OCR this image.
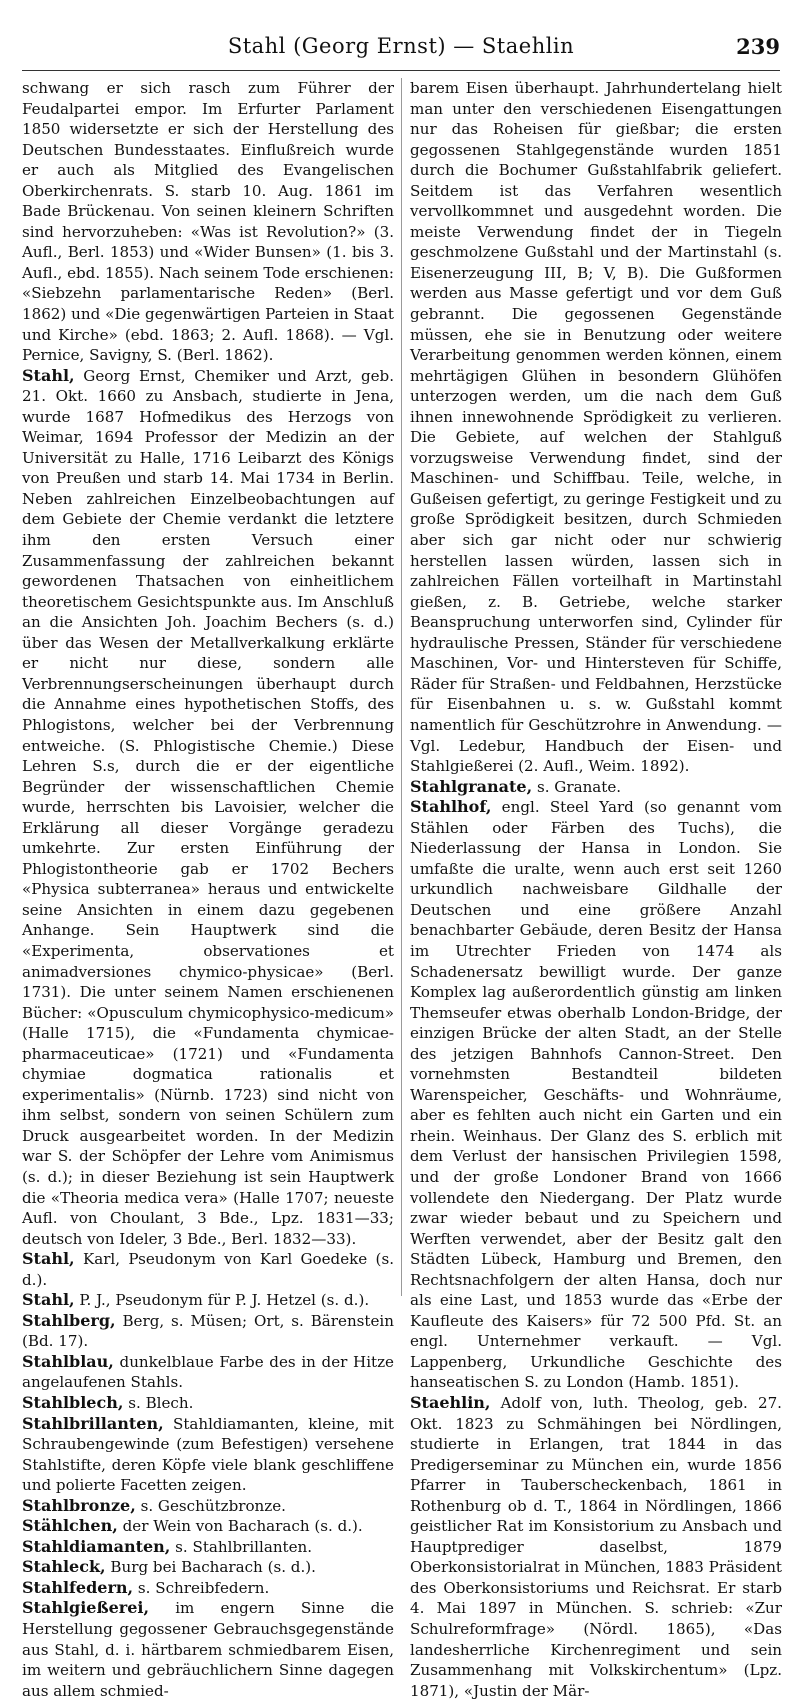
Stahl (Georg Ernst) — Staehlin	239

schwang er sich rasch zum Führer der Feudalpartei empor. Im Erfurter Parlament 1850 widersetzte er sich der Herstellung des Deutschen Bundesstaates. Einflußreich wurde er auch als Mitglied des Evangelischen Oberkirchenrats. S. starb 10. Aug. 1861 im Bade Brückenau. Von seinen kleinern Schriften sind hervorzuheben: «Was ist Revolution?» (3. Aufl., Berl. 1853) und «Wider Bunsen» (1. bis 3. Aufl., ebd. 1855). Nach seinem Tode erschienen: «Siebzehn parlamentarische Reden» (Berl. 1862) und «Die gegenwärtigen Parteien in Staat und Kirche» (ebd. 1863; 2. Aufl. 1868). — Vgl. Pernice, Savigny, S. (Berl. 1862).

Stahl, Georg Ernst, Chemiker und Arzt, geb. 21. Okt. 1660 zu Ansbach, studierte in Jena, wurde 1687 Hofmedikus des Herzogs von Weimar, 1694 Professor der Medizin an der Universität zu Halle, 1716 Leibarzt des Königs von Preußen und starb 14. Mai 1734 in Berlin. Neben zahlreichen Einzelbeobachtungen auf dem Gebiete der Chemie verdankt die letztere ihm den ersten Versuch einer Zusammenfassung der zahlreichen bekannt gewordenen Thatsachen von einheitlichem theoretischem Gesichtspunkte aus. Im Anschluß an die Ansichten Joh. Joachim Bechers (s. d.) über das Wesen der Metallverkalkung erklärte er nicht nur diese, sondern alle Verbrennungserscheinungen überhaupt durch die Annahme eines hypothetischen Stoffs, des Phlogistons, welcher bei der Verbrennung entweiche. (S. Phlogistische Chemie.) Diese Lehren S.s, durch die er der eigentliche Begründer der wissenschaftlichen Chemie wurde, herrschten bis Lavoisier, welcher die Erklärung all dieser Vorgänge geradezu umkehrte. Zur ersten Einführung der Phlogistontheorie gab er 1702 Bechers «Physica subterranea» heraus und entwickelte seine Ansichten in einem dazu gegebenen Anhange. Sein Hauptwerk sind die «Experimenta, observationes et animadversiones chymico-physicae» (Berl. 1731). Die unter seinem Namen erschienenen Bücher: «Opusculum chymicophysico-medicum» (Halle 1715), die «Fundamenta chymicae-pharmaceuticae» (1721) und «Fundamenta chymiae dogmatica rationalis et experimentalis» (Nürnb. 1723) sind nicht von ihm selbst, sondern von seinen Schülern zum Druck ausgearbeitet worden. In der Medizin war S. der Schöpfer der Lehre vom Animismus (s. d.); in dieser Beziehung ist sein Hauptwerk die «Theoria medica vera» (Halle 1707; neueste Aufl. von Choulant, 3 Bde., Lpz. 1831—33; deutsch von Ideler, 3 Bde., Berl. 1832—33).

Stahl, Karl, Pseudonym von Karl Goedeke (s. d.).

Stahl, P. J., Pseudonym für P. J. Hetzel (s. d.).

Stahlberg, Berg, s. Müsen; Ort, s. Bärenstein (Bd. 17).

Stahlblau, dunkelblaue Farbe des in der Hitze angelaufenen Stahls.

Stahlblech, s. Blech.

Stahlbrillanten, Stahldiamanten, kleine, mit Schraubengewinde (zum Befestigen) versehene Stahlstifte, deren Köpfe viele blank geschliffene und polierte Facetten zeigen.

Stahlbronze, s. Geschützbronze.

Stählchen, der Wein von Bacharach (s. d.).

Stahldiamanten, s. Stahlbrillanten.

Stahleck, Burg bei Bacharach (s. d.).

Stahlfedern, s. Schreibfedern.

Stahlgießerei, im engern Sinne die Herstellung gegossener Gebrauchsgegenstände aus Stahl, d. i. härtbarem schmiedbarem Eisen, im weitern und gebräuchlichern Sinne dagegen aus allem schmied-

barem Eisen überhaupt. Jahrhundertelang hielt man unter den verschiedenen Eisengattungen nur das Roheisen für gießbar; die ersten gegossenen Stahlgegenstände wurden 1851 durch die Bochumer Gußstahlfabrik geliefert. Seitdem ist das Verfahren wesentlich vervollkommnet und ausgedehnt worden. Die meiste Verwendung findet der in Tiegeln geschmolzene Gußstahl und der Martinstahl (s. Eisenerzeugung III, B; V, B). Die Gußformen werden aus Masse gefertigt und vor dem Guß gebrannt. Die gegossenen Gegenstände müssen, ehe sie in Benutzung oder weitere Verarbeitung genommen werden können, einem mehrtägigen Glühen in besondern Glühöfen unterzogen werden, um die nach dem Guß ihnen innewohnende Sprödigkeit zu verlieren. Die Gebiete, auf welchen der Stahlguß vorzugsweise Verwendung findet, sind der Maschinen- und Schiffbau. Teile, welche, in Gußeisen gefertigt, zu geringe Festigkeit und zu große Sprödigkeit besitzen, durch Schmieden aber sich gar nicht oder nur schwierig herstellen lassen würden, lassen sich in zahlreichen Fällen vorteilhaft in Martinstahl gießen, z. B. Getriebe, welche starker Beanspruchung unterworfen sind, Cylinder für hydraulische Pressen, Ständer für verschiedene Maschinen, Vor- und Hintersteven für Schiffe, Räder für Straßen- und Feldbahnen, Herzstücke für Eisenbahnen u. s. w. Gußstahl kommt namentlich für Geschützrohre in Anwendung. — Vgl. Ledebur, Handbuch der Eisen- und Stahlgießerei (2. Aufl., Weim. 1892).

Stahlgranate, s. Granate.

Stahlhof, engl. Steel Yard (so genannt vom Stählen oder Färben des Tuchs), die Niederlassung der Hansa in London. Sie umfaßte die uralte, wenn auch erst seit 1260 urkundlich nachweisbare Gildhalle der Deutschen und eine größere Anzahl benachbarter Gebäude, deren Besitz der Hansa im Utrechter Frieden von 1474 als Schadenersatz bewilligt wurde. Der ganze Komplex lag außerordentlich günstig am linken Themseufer etwas oberhalb London-Bridge, der einzigen Brücke der alten Stadt, an der Stelle des jetzigen Bahnhofs Cannon-Street. Den vornehmsten Bestandteil bildeten Warenspeicher, Geschäfts- und Wohnräume, aber es fehlten auch nicht ein Garten und ein rhein. Weinhaus. Der Glanz des S. erblich mit dem Verlust der hansischen Privilegien 1598, und der große Londoner Brand von 1666 vollendete den Niedergang. Der Platz wurde zwar wieder bebaut und zu Speichern und Werften verwendet, aber der Besitz galt den Städten Lübeck, Hamburg und Bremen, den Rechtsnachfolgern der alten Hansa, doch nur als eine Last, und 1853 wurde das «Erbe der Kaufleute des Kaisers» für 72 500 Pfd. St. an engl. Unternehmer verkauft. — Vgl. Lappenberg, Urkundliche Geschichte des hanseatischen S. zu London (Hamb. 1851).

Staehlin, Adolf von, luth. Theolog, geb. 27. Okt. 1823 zu Schmähingen bei Nördlingen, studierte in Erlangen, trat 1844 in das Predigerseminar zu München ein, wurde 1856 Pfarrer in Tauberscheckenbach, 1861 in Rothenburg ob d. T., 1864 in Nördlingen, 1866 geistlicher Rat im Konsistorium zu Ansbach und Hauptprediger daselbst, 1879 Oberkonsistorialrat in München, 1883 Präsident des Oberkonsistoriums und Reichsrat. Er starb 4. Mai 1897 in München. S. schrieb: «Zur Schulreformfrage» (Nördl. 1865), «Das landesherrliche Kirchenregiment und sein Zusammenhang mit Volkskirchentum» (Lpz. 1871), «Justin der Mär-
